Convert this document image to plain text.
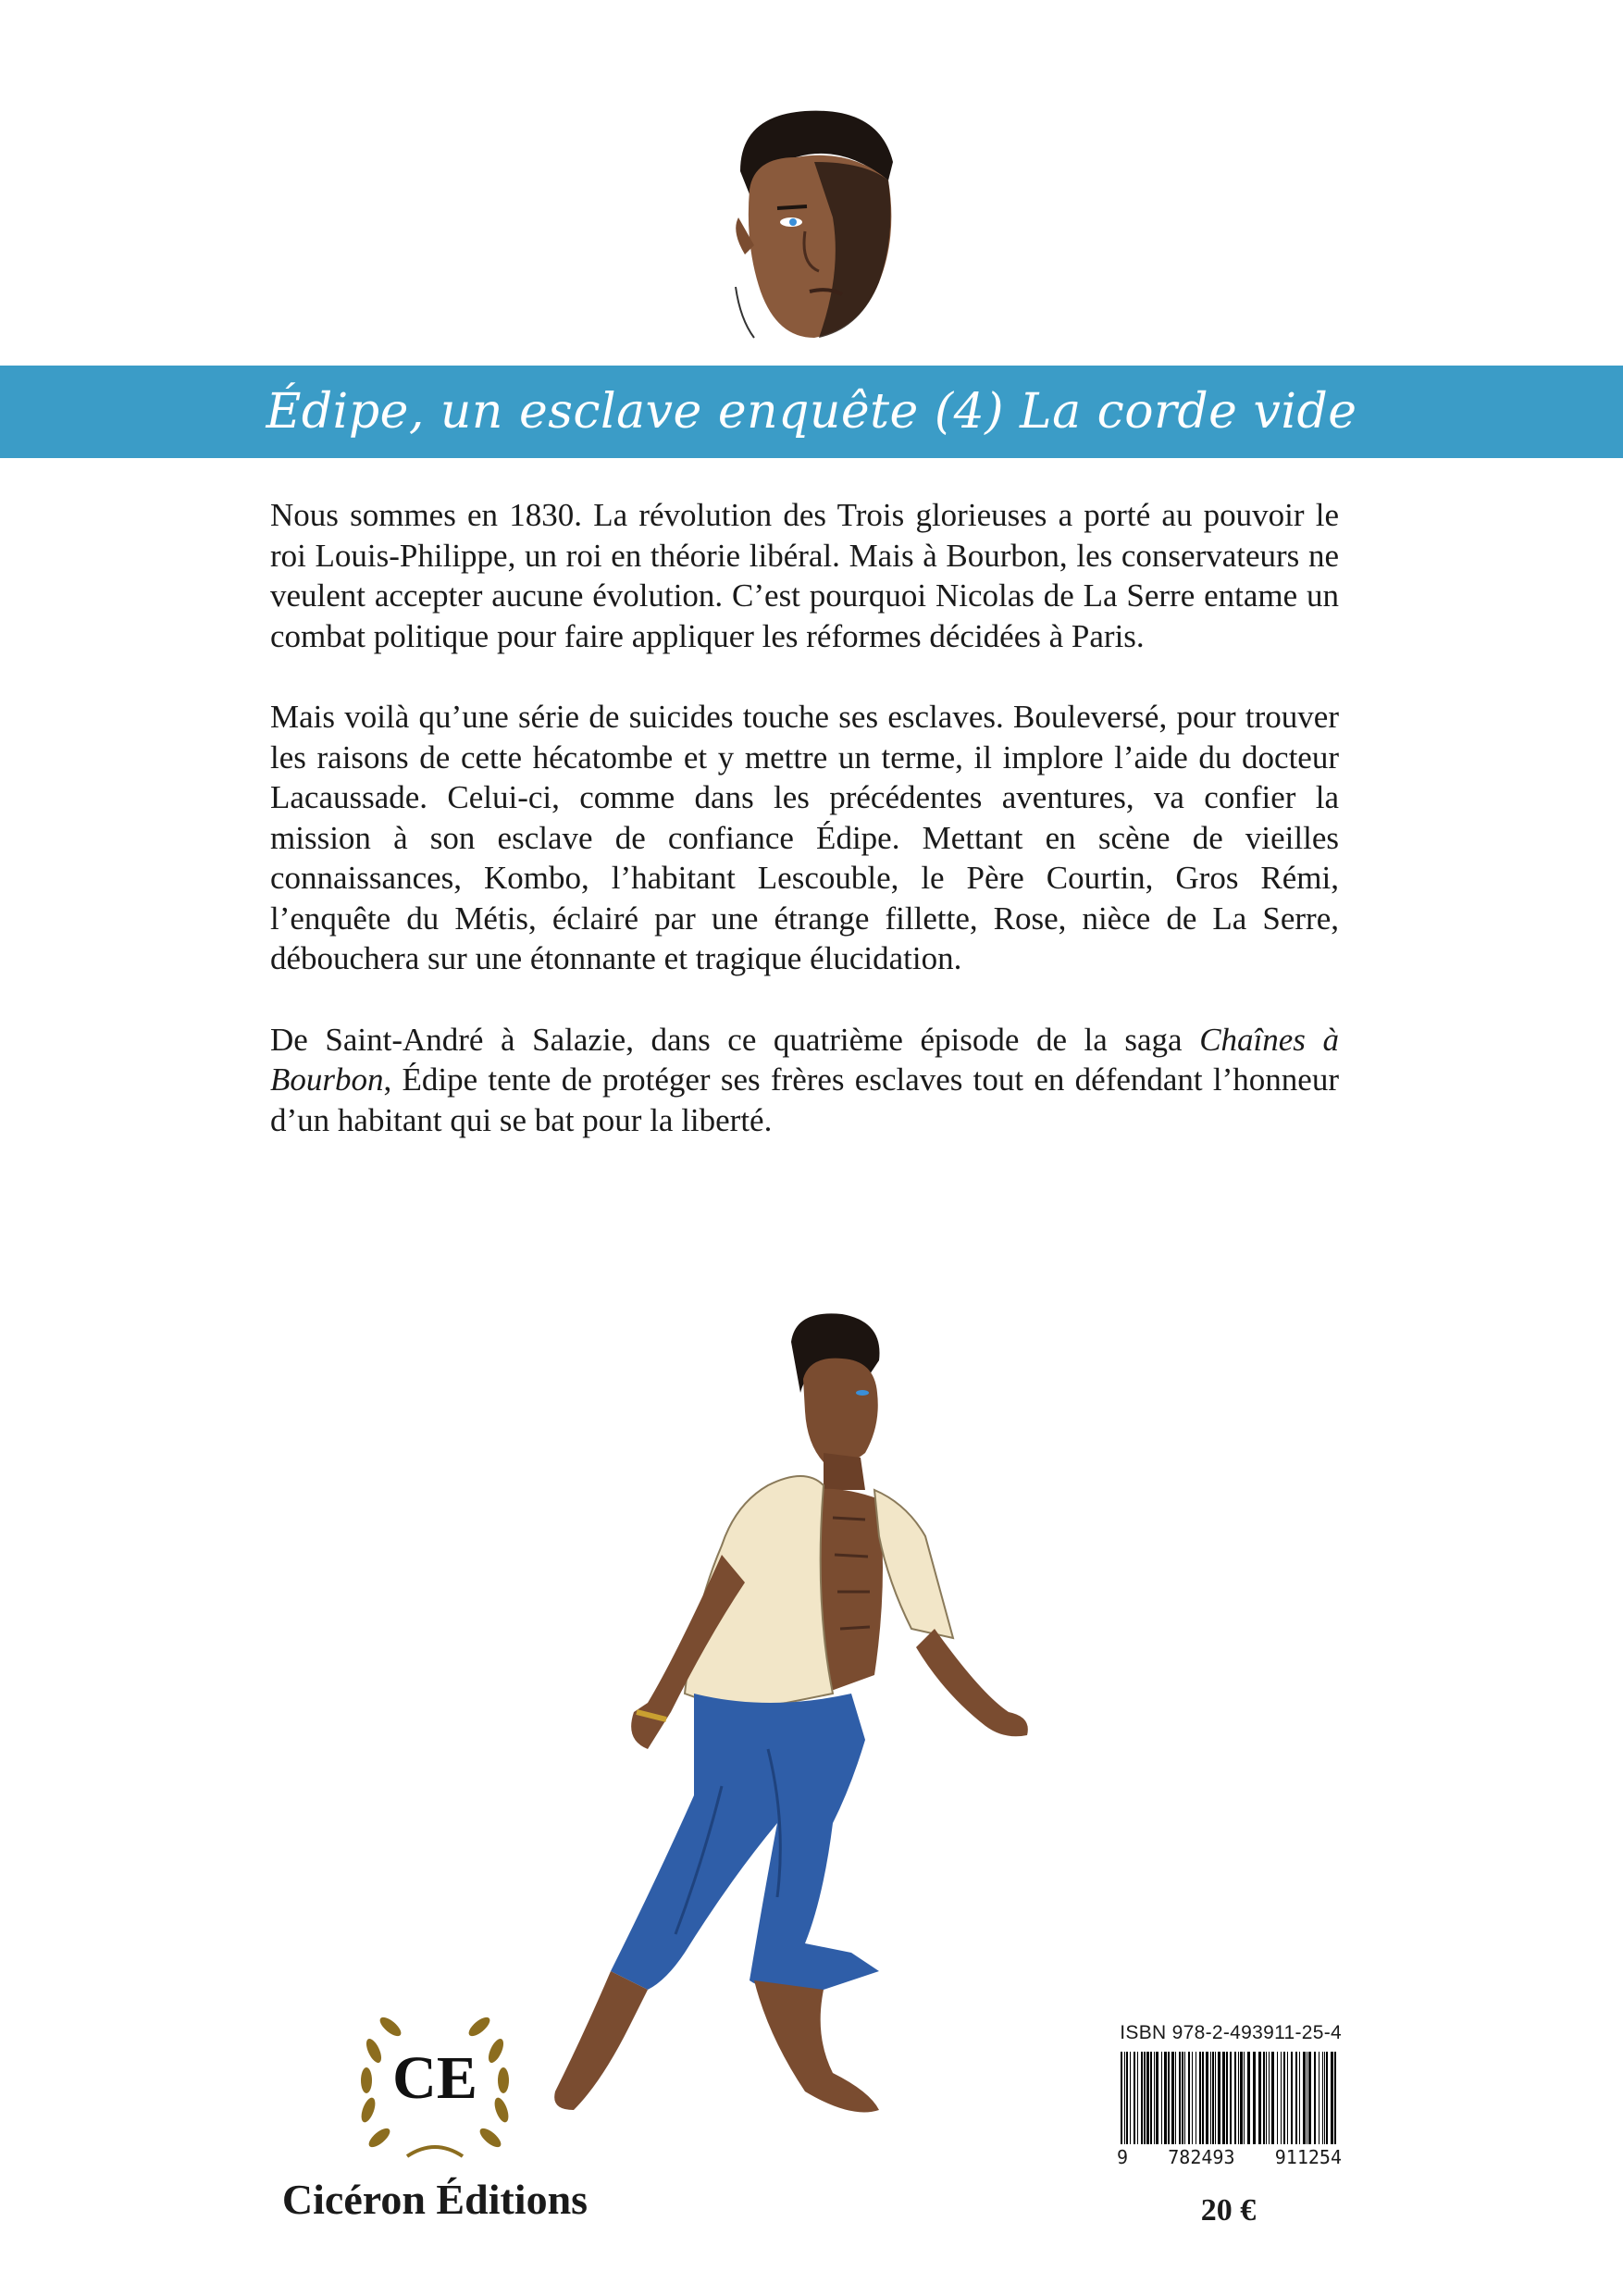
Édipe, un esclave enquête (4) La corde vide

Nous sommes en 1830. La révolution des Trois glorieuses a porté au pouvoir le roi Louis-Philippe, un roi en théorie libéral. Mais à Bourbon, les conservateurs ne veulent accepter aucune évolution. C’est pourquoi Nicolas de La Serre entame un combat politique pour faire appliquer les réformes décidées à Paris.

Mais voilà qu’une série de suicides touche ses esclaves. Bouleversé, pour trouver les raisons de cette hécatombe et y mettre un terme, il implore l’aide du docteur Lacaussade. Celui-ci, comme dans les précédentes aventures, va confier la mission à son esclave de confiance Édipe. Mettant en scène de vieilles connaissances, Kombo, l’habitant Lescouble, le Père Courtin, Gros Rémi, l’enquête du Métis, éclairé par une étrange fillette, Rose, nièce de La Serre, débouchera sur une étonnante et tragique élucidation.

De Saint-André à Salazie, dans ce quatrième épisode de la saga Chaînes à Bourbon, Édipe tente de protéger ses frères esclaves tout en défendant l’honneur d’un habitant qui se bat pour la liberté.

CE
Cicéron Éditions
ISBN 978-2-493911-25-4
9 782493 911254
20 €
